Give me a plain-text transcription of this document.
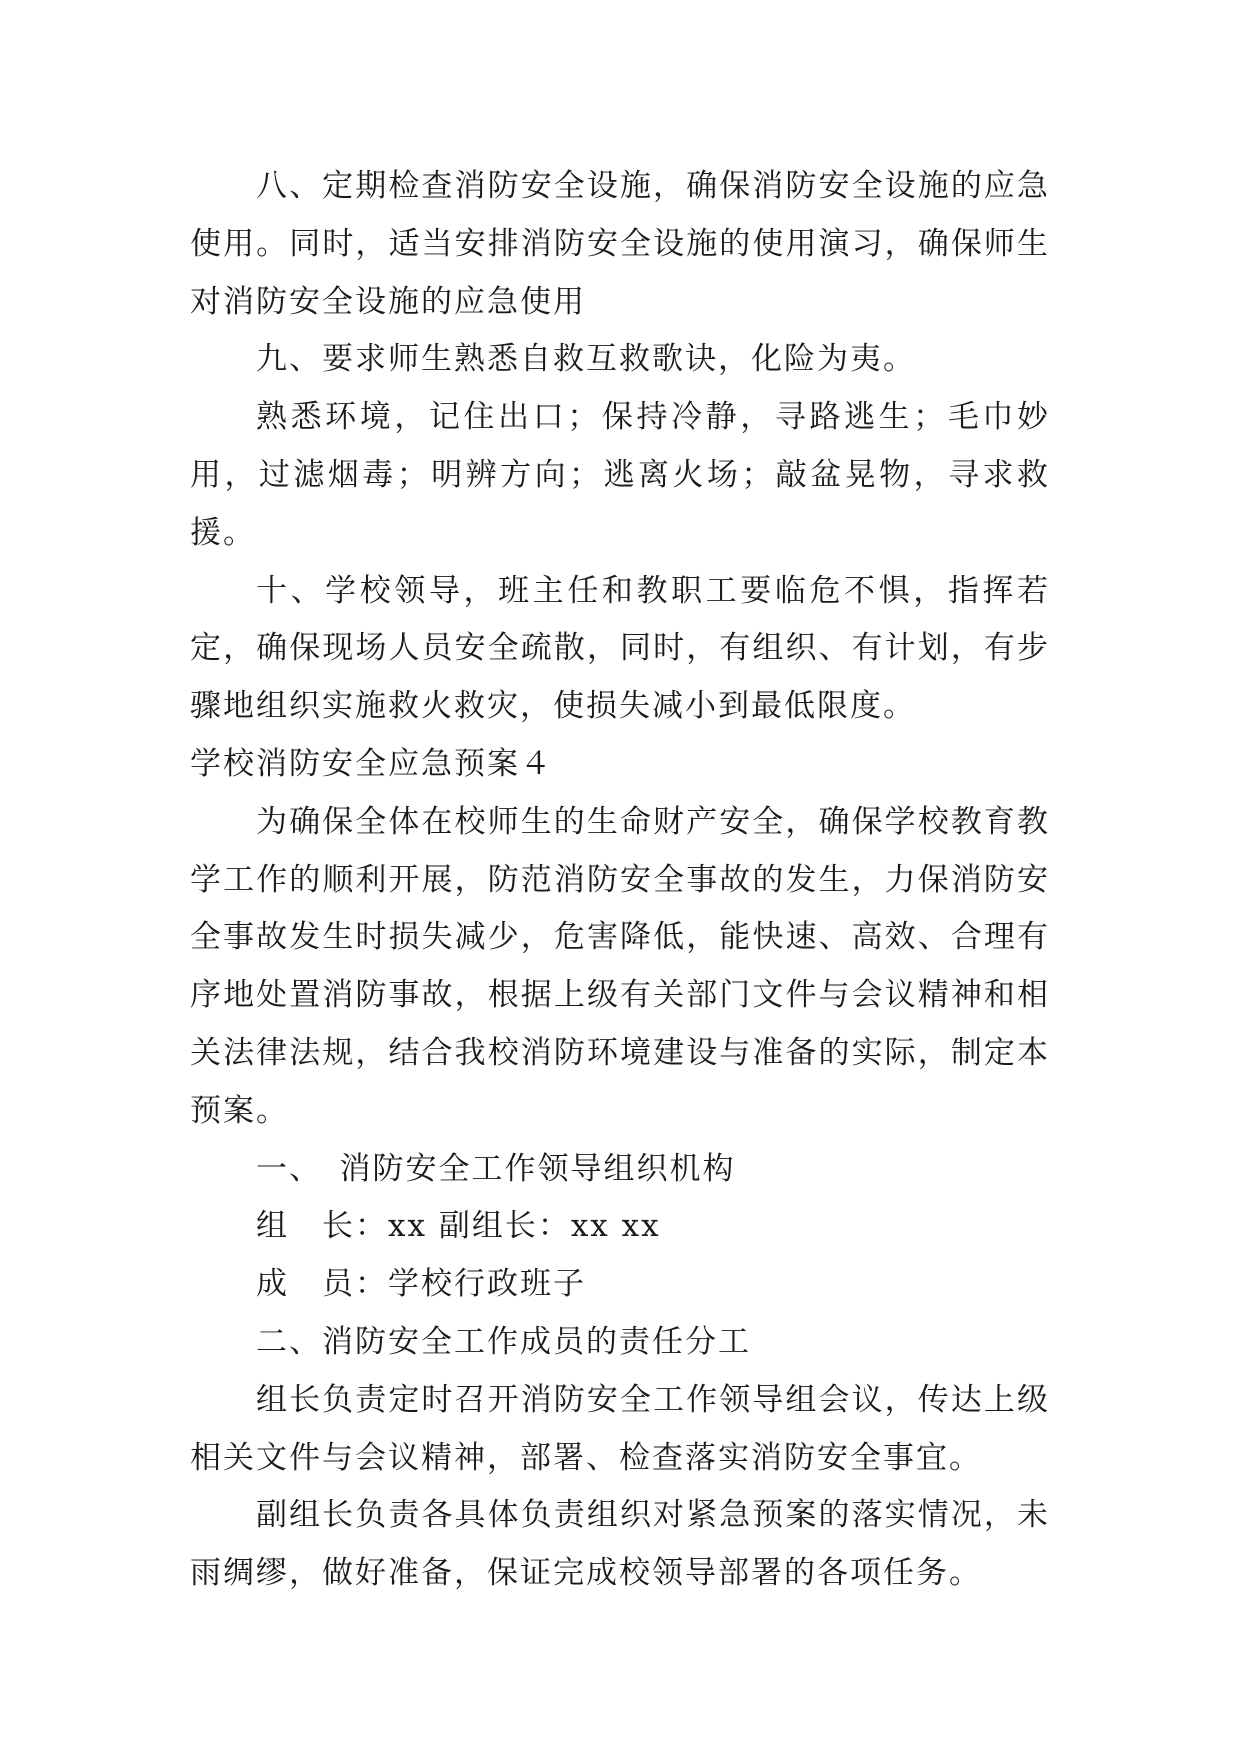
八、定期检查消防安全设施，确保消防安全设施的应急使用。同时，适当安排消防安全设施的使用演习，确保师生对消防安全设施的应急使用

九、要求师生熟悉自救互救歌诀，化险为夷。

熟悉环境，记住出口；保持冷静，寻路逃生；毛巾妙用，过滤烟毒；明辨方向；逃离火场；敲盆晃物，寻求救援。

十、学校领导，班主任和教职工要临危不惧，指挥若定，确保现场人员安全疏散，同时，有组织、有计划，有步骤地组织实施救火救灾，使损失减小到最低限度。

学校消防安全应急预案４

为确保全体在校师生的生命财产安全，确保学校教育教学工作的顺利开展，防范消防安全事故的发生，力保消防安全事故发生时损失减少，危害降低，能快速、高效、合理有序地处置消防事故，根据上级有关部门文件与会议精神和相关法律法规，结合我校消防环境建设与准备的实际，制定本预案。

一、　消防安全工作领导组织机构

组　长：xx 副组长：xx xx

成　员：学校行政班子

二、消防安全工作成员的责任分工

组长负责定时召开消防安全工作领导组会议，传达上级相关文件与会议精神，部署、检查落实消防安全事宜。

副组长负责各具体负责组织对紧急预案的落实情况，未雨绸缪，做好准备，保证完成校领导部署的各项任务。
